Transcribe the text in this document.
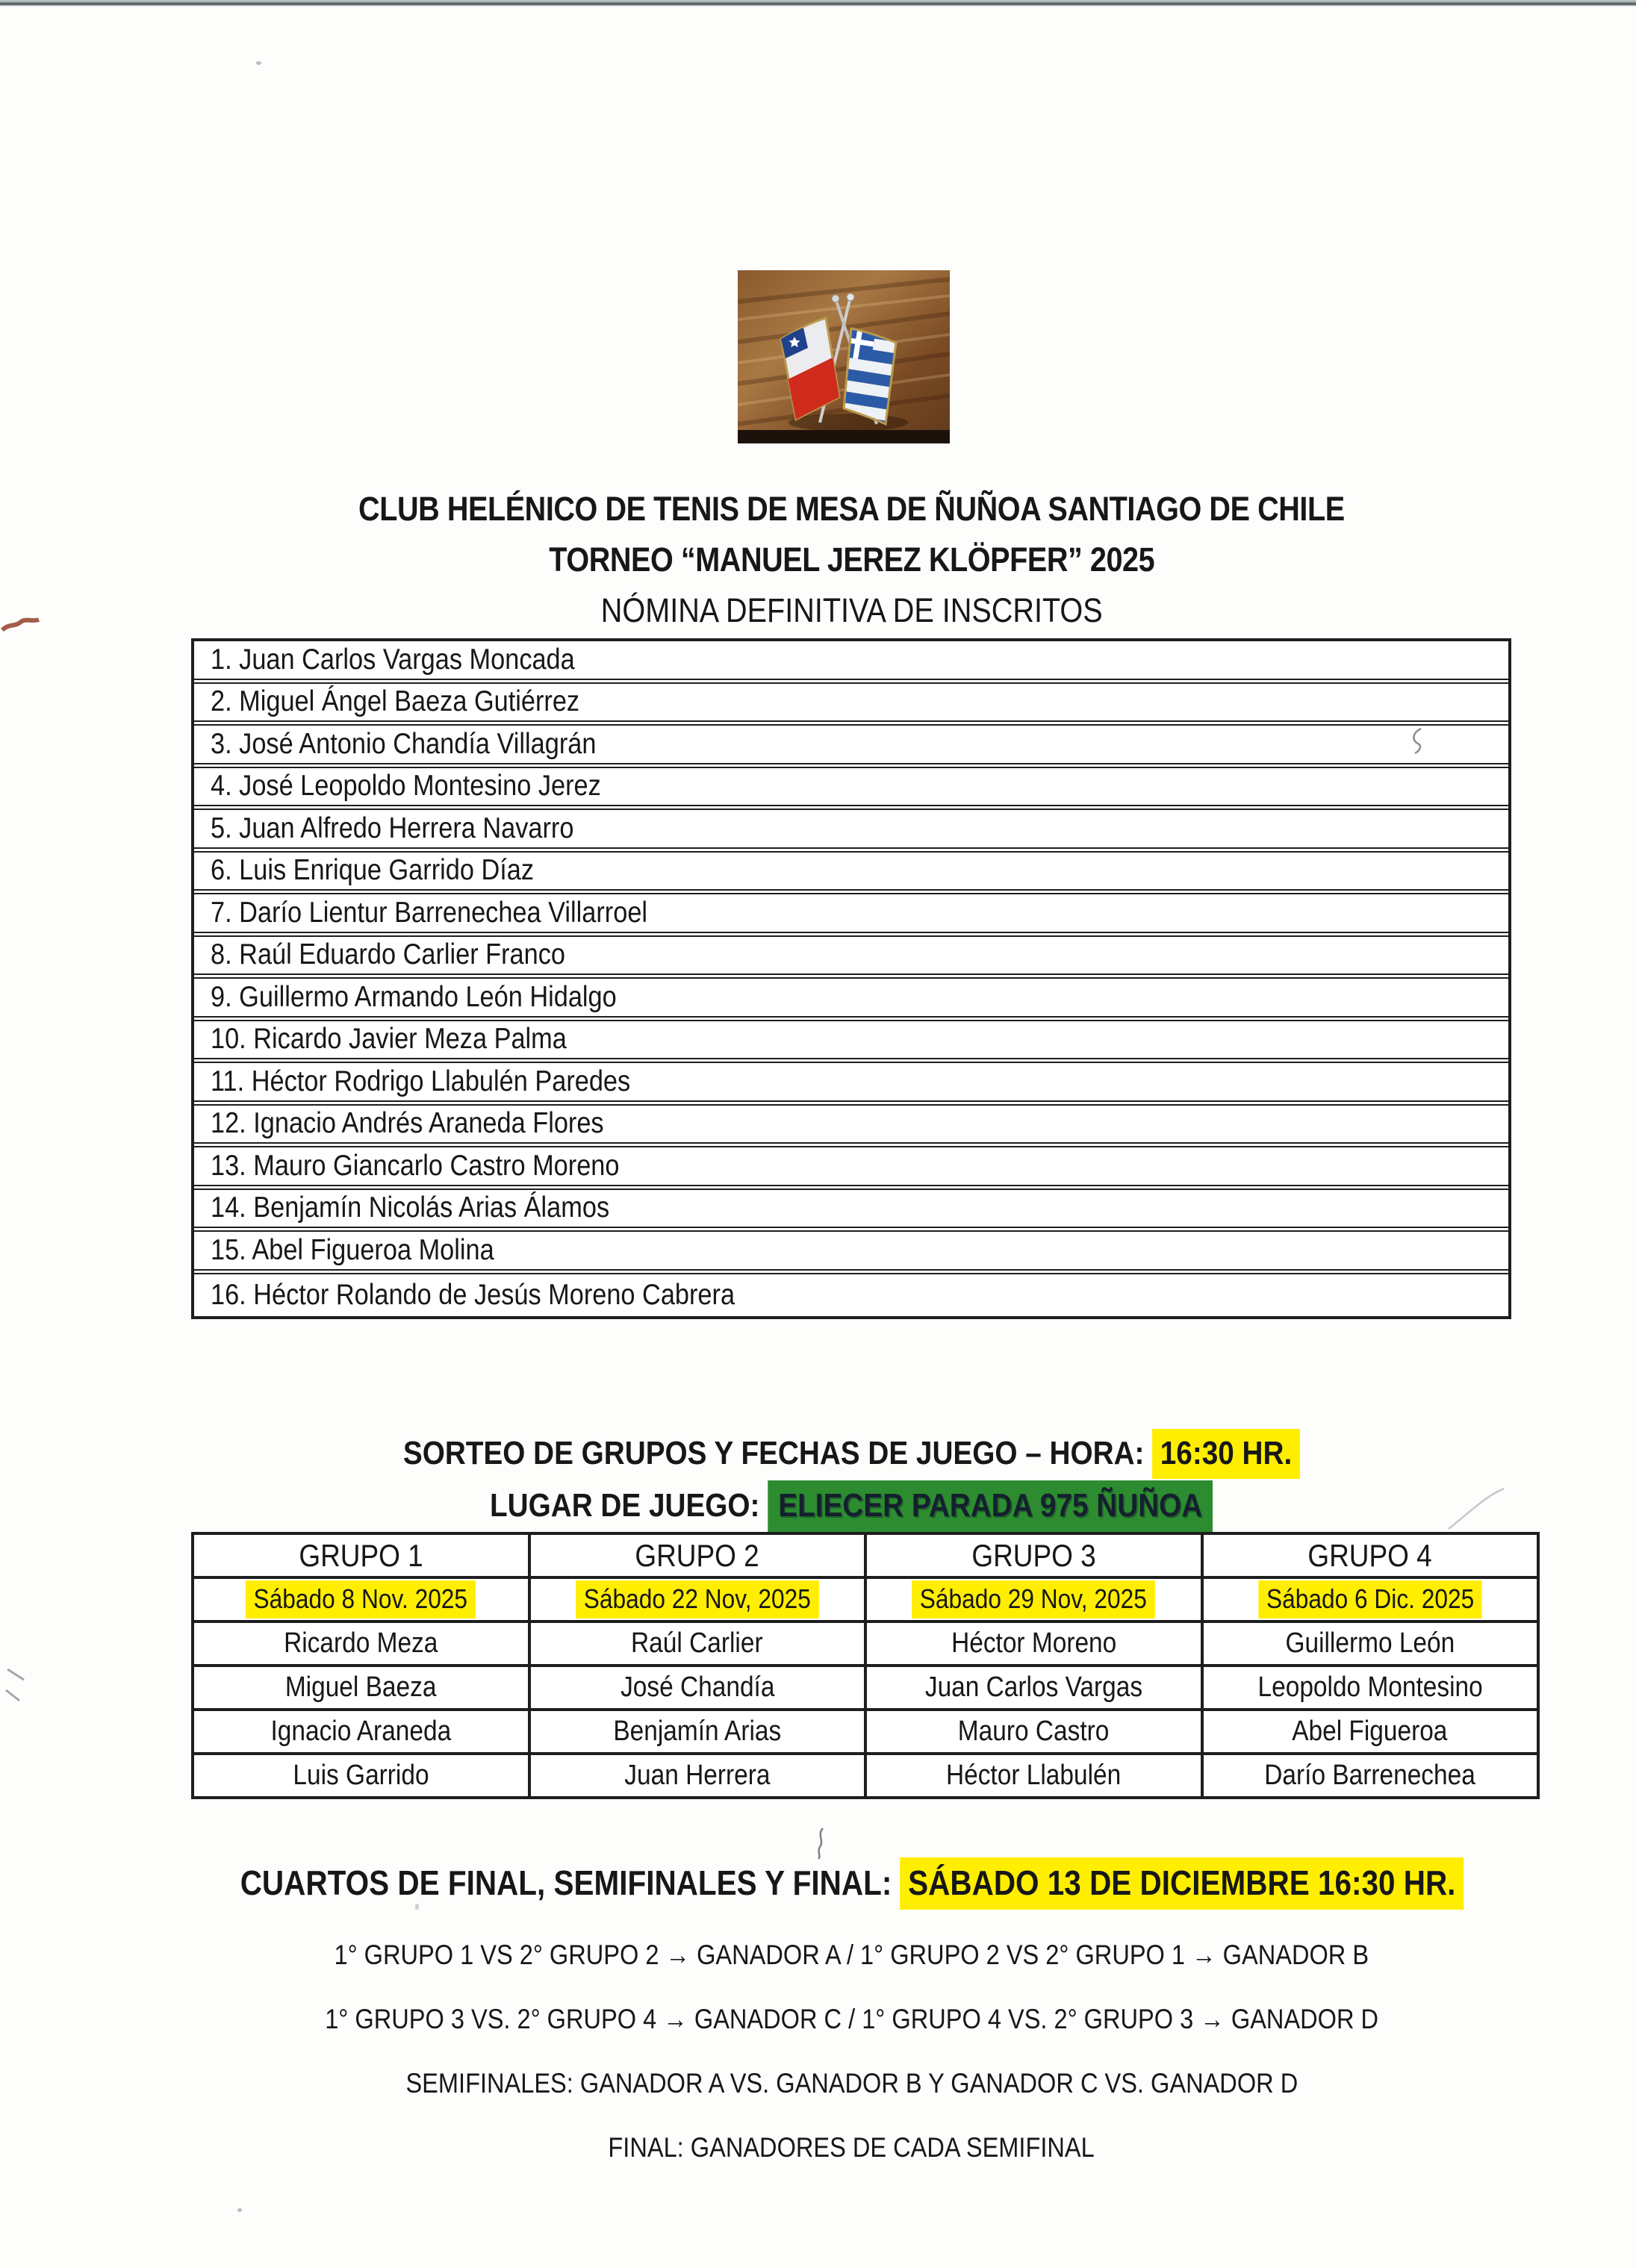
CLUB HELÉNICO DE TENIS DE MESA DE ÑUÑOA SANTIAGO DE CHILE
TORNEO “MANUEL JEREZ KLÖPFER” 2025
NÓMINA DEFINITIVA DE INSCRITOS
1. Juan Carlos Vargas Moncada
2. Miguel Ángel Baeza Gutiérrez
3. José Antonio Chandía Villagrán
4. José Leopoldo Montesino Jerez
5. Juan Alfredo Herrera Navarro
6. Luis Enrique Garrido Díaz
7. Darío Lientur Barrenechea Villarroel
8. Raúl Eduardo Carlier Franco
9. Guillermo Armando León Hidalgo
10. Ricardo Javier Meza Palma
11. Héctor Rodrigo Llabulén Paredes
12. Ignacio Andrés Araneda Flores
13. Mauro Giancarlo Castro Moreno
14. Benjamín Nicolás Arias Álamos
15. Abel Figueroa Molina
16. Héctor Rolando de Jesús Moreno Cabrera
SORTEO DE GRUPOS Y FECHAS DE JUEGO – HORA: 16:30 HR.
LUGAR DE JUEGO: ELIECER PARADA 975 ÑUÑOA
GRUPO 1	GRUPO 2	GRUPO 3	GRUPO 4
Sábado 8 Nov. 2025	Sábado 22 Nov, 2025	Sábado 29 Nov, 2025	Sábado 6 Dic. 2025
Ricardo Meza	Raúl Carlier	Héctor Moreno	Guillermo León
Miguel Baeza	José Chandía	Juan Carlos Vargas	Leopoldo Montesino
Ignacio Araneda	Benjamín Arias	Mauro Castro	Abel Figueroa
Luis Garrido	Juan Herrera	Héctor Llabulén	Darío Barrenechea
CUARTOS DE FINAL, SEMIFINALES Y FINAL: SÁBADO 13 DE DICIEMBRE 16:30 HR.
1° GRUPO 1 VS 2° GRUPO 2 → GANADOR A / 1° GRUPO 2 VS 2° GRUPO 1 → GANADOR B
1° GRUPO 3 VS. 2° GRUPO 4 → GANADOR C / 1° GRUPO 4 VS. 2° GRUPO 3 → GANADOR D
SEMIFINALES: GANADOR A VS. GANADOR B Y GANADOR C VS. GANADOR D
FINAL: GANADORES DE CADA SEMIFINAL
